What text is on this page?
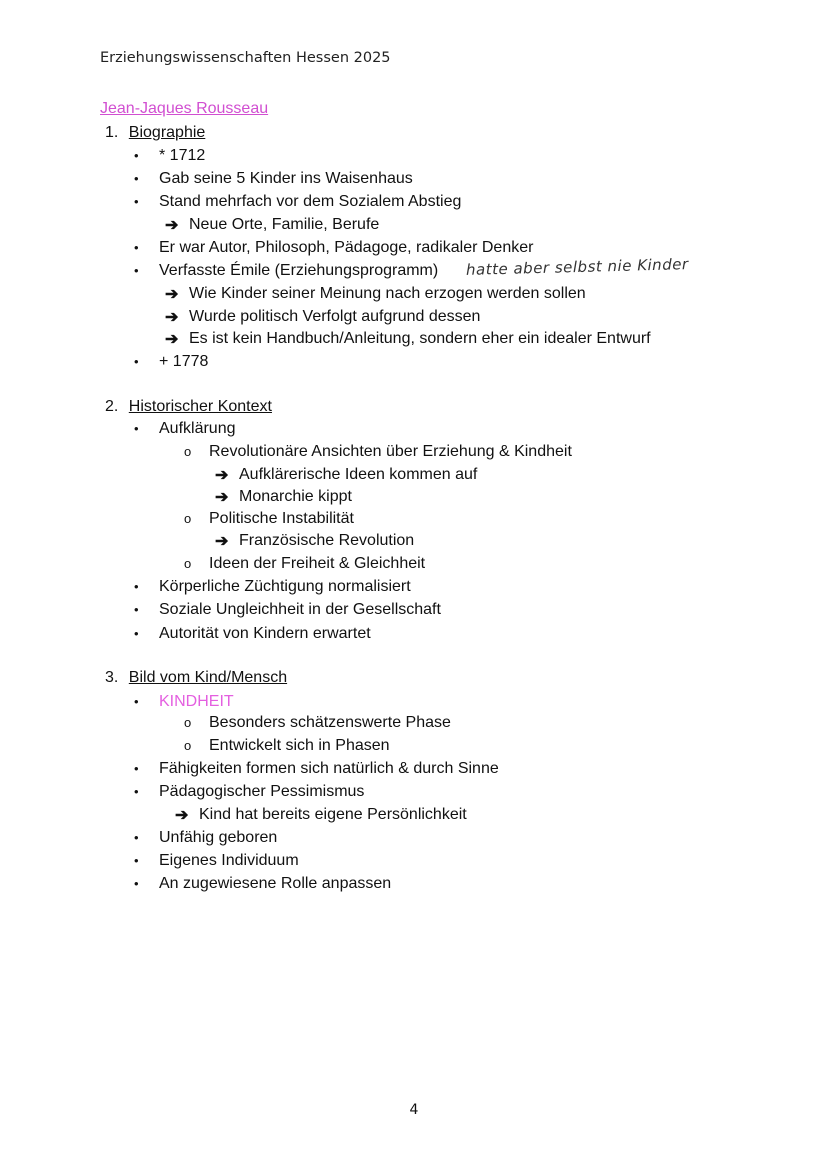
Erziehungswissenschaften Hessen 2025
Jean-Jaques Rousseau
1. Biographie
• * 1712
• Gab seine 5 Kinder ins Waisenhaus
• Stand mehrfach vor dem Sozialem Abstieg
➔ Neue Orte, Familie, Berufe
• Er war Autor, Philosoph, Pädagoge, radikaler Denker
• Verfasste Émile (Erziehungsprogramm) hatte aber selbst nie Kinder
➔ Wie Kinder seiner Meinung nach erzogen werden sollen
➔ Wurde politisch Verfolgt aufgrund dessen
➔ Es ist kein Handbuch/Anleitung, sondern eher ein idealer Entwurf
• + 1778
2. Historischer Kontext
• Aufklärung
o Revolutionäre Ansichten über Erziehung & Kindheit
➔ Aufklärerische Ideen kommen auf
➔ Monarchie kippt
o Politische Instabilität
➔ Französische Revolution
o Ideen der Freiheit & Gleichheit
• Körperliche Züchtigung normalisiert
• Soziale Ungleichheit in der Gesellschaft
• Autorität von Kindern erwartet
3. Bild vom Kind/Mensch
• KINDHEIT
o Besonders schätzenswerte Phase
o Entwickelt sich in Phasen
• Fähigkeiten formen sich natürlich & durch Sinne
• Pädagogischer Pessimismus
➔ Kind hat bereits eigene Persönlichkeit
• Unfähig geboren
• Eigenes Individuum
• An zugewiesene Rolle anpassen
4
